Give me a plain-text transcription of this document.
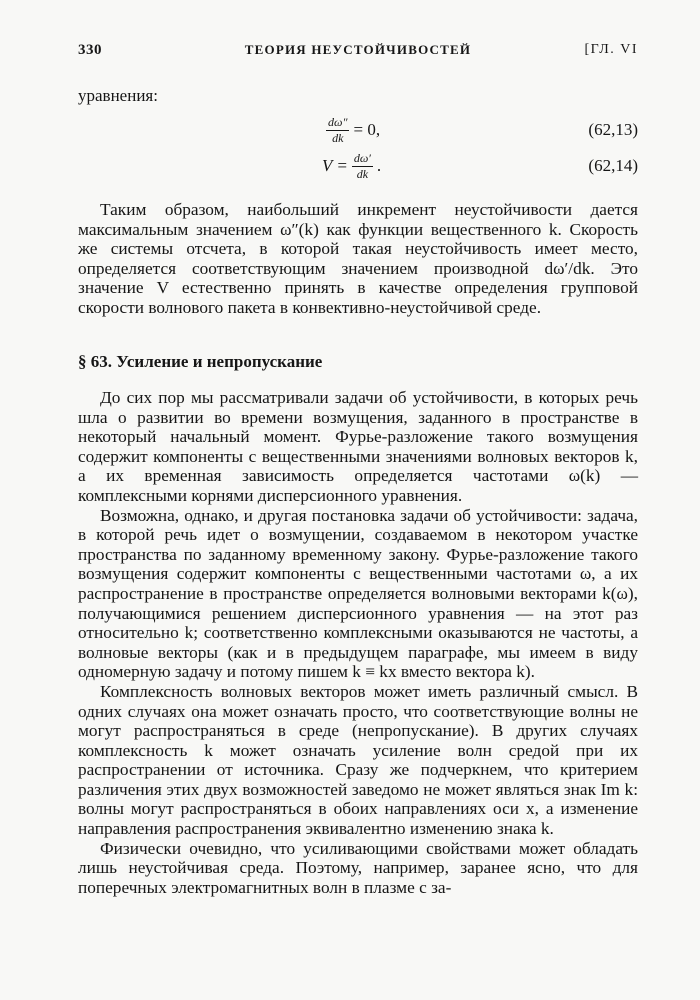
330	ТЕОРИЯ НЕУСТОЙЧИВОСТЕЙ	[ГЛ. VI
уравнения:
$\frac{d\omega''}{dk} = 0$,	(62,13)
$V = \frac{d\omega'}{dk}$ .	(62,14)

Таким образом, наибольший инкремент неустойчивости дается максимальным значением ω″(k) как функции вещественного k. Скорость же системы отсчета, в которой такая неустойчивость имеет место, определяется соответствующим значением производной dω′/dk. Это значение V естественно принять в качестве определения групповой скорости волнового пакета в конвективно-неустойчивой среде.

§ 63. Усиление и непропускание

До сих пор мы рассматривали задачи об устойчивости, в которых речь шла о развитии во времени возмущения, заданного в пространстве в некоторый начальный момент. Фурье-разложение такого возмущения содержит компоненты с вещественными значениями волновых векторов k, а их временная зависимость определяется частотами ω(k) — комплексными корнями дисперсионного уравнения.

Возможна, однако, и другая постановка задачи об устойчивости: задача, в которой речь идет о возмущении, создаваемом в некотором участке пространства по заданному временному закону. Фурье-разложение такого возмущения содержит компоненты с вещественными частотами ω, а их распространение в пространстве определяется волновыми векторами k(ω), получающимися решением дисперсионного уравнения — на этот раз относительно k; соответственно комплексными оказываются не частоты, а волновые векторы (как и в предыдущем параграфе, мы имеем в виду одномерную задачу и потому пишем k ≡ kx вместо вектора k).

Комплексность волновых векторов может иметь различный смысл. В одних случаях она может означать просто, что соответствующие волны не могут распространяться в среде (непропускание). В других случаях комплексность k может означать усиление волн средой при их распространении от источника. Сразу же подчеркнем, что критерием различения этих двух возможностей заведомо не может являться знак Im k: волны могут распространяться в обоих направлениях оси x, а изменение направления распространения эквивалентно изменению знака k.

Физически очевидно, что усиливающими свойствами может обладать лишь неустойчивая среда. Поэтому, например, заранее ясно, что для поперечных электромагнитных волн в плазме с за-
